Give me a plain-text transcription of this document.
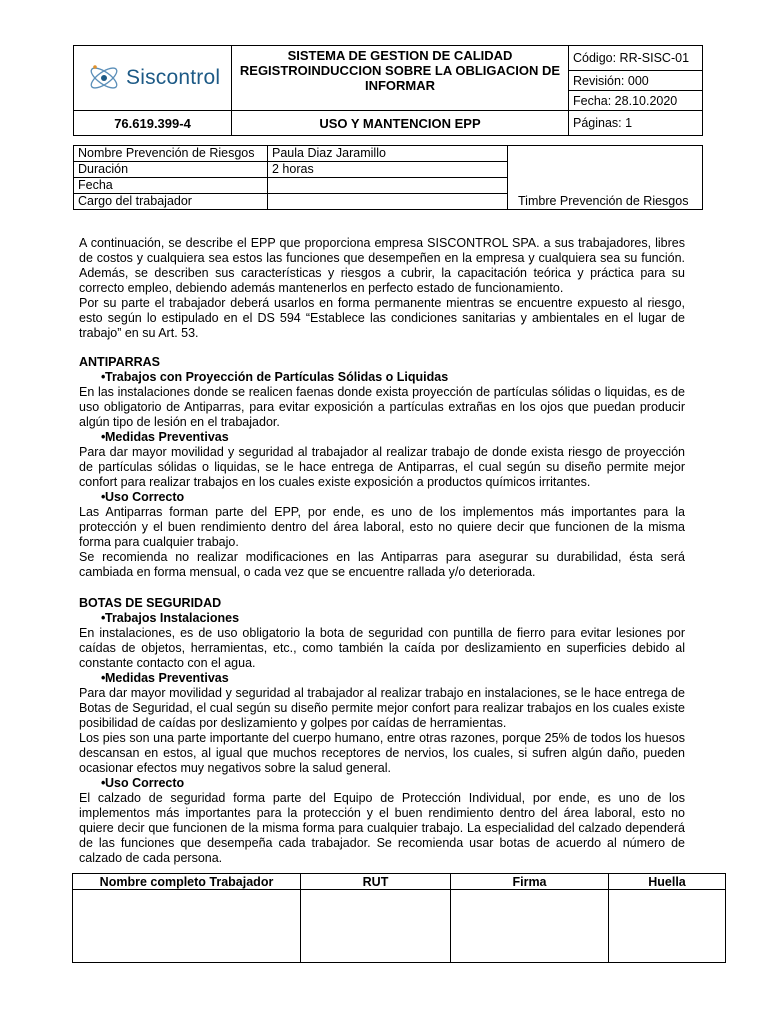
Siscontrol	SISTEMA DE GESTION DE CALIDAD REGISTROINDUCCION SOBRE LA OBLIGACION DE INFORMAR	Código: RR-SISC-01
		Revisión: 000
		Fecha: 28.10.2020
76.619.399-4	USO Y MANTENCION EPP	Páginas: 1
Nombre Prevención de Riesgos	Paula Diaz Jaramillo	Timbre Prevención de Riesgos
Duración	2 horas	
Fecha		
Cargo del trabajador		

A continuación, se describe el EPP que proporciona empresa SISCONTROL SPA. a sus trabajadores, libres de costos y cualquiera sea estos las funciones que desempeñen en la empresa y cualquiera sea su función. Además, se describen sus características y riesgos a cubrir, la capacitación teórica y práctica para su correcto empleo, debiendo además mantenerlos en perfecto estado de funcionamiento.

Por su parte el trabajador deberá usarlos en forma permanente mientras se encuentre expuesto al riesgo, esto según lo estipulado en el DS 594 “Establece las condiciones sanitarias y ambientales en el lugar de trabajo” en su Art. 53.

ANTIPARRAS
• Trabajos con Proyección de Partículas Sólidas o Liquidas

En las instalaciones donde se realicen faenas donde exista proyección de partículas sólidas o liquidas, es de uso obligatorio de Antiparras, para evitar exposición a partículas extrañas en los ojos que puedan producir algún tipo de lesión en el trabajador.

• Medidas Preventivas

Para dar mayor movilidad y seguridad al trabajador al realizar trabajo de donde exista riesgo de proyección de partículas sólidas o liquidas, se le hace entrega de Antiparras, el cual según su diseño permite mejor confort para realizar trabajos en los cuales existe exposición a productos químicos irritantes.

• Uso Correcto

Las Antiparras forman parte del EPP, por ende, es uno de los implementos más importantes para la protección y el buen rendimiento dentro del área laboral, esto no quiere decir que funcionen de la misma forma para cualquier trabajo.

Se recomienda no realizar modificaciones en las Antiparras para asegurar su durabilidad, ésta será cambiada en forma mensual, o cada vez que se encuentre rallada y/o deteriorada.

BOTAS DE SEGURIDAD
• Trabajos Instalaciones

En instalaciones, es de uso obligatorio la bota de seguridad con puntilla de fierro para evitar lesiones por caídas de objetos, herramientas, etc., como también la caída por deslizamiento en superficies debido al constante contacto con el agua.

• Medidas Preventivas

Para dar mayor movilidad y seguridad al trabajador al realizar trabajo en instalaciones, se le hace entrega de Botas de Seguridad, el cual según su diseño permite mejor confort para realizar trabajos en los cuales existe posibilidad de caídas por deslizamiento y golpes por caídas de herramientas.

Los pies son una parte importante del cuerpo humano, entre otras razones, porque 25% de todos los huesos descansan en estos, al igual que muchos receptores de nervios, los cuales, si sufren algún daño, pueden ocasionar efectos muy negativos sobre la salud general.

• Uso Correcto

El calzado de seguridad forma parte del Equipo de Protección Individual, por ende, es uno de los implementos más importantes para la protección y el buen rendimiento dentro del área laboral, esto no quiere decir que funcionen de la misma forma para cualquier trabajo. La especialidad del calzado dependerá de las funciones que desempeña cada trabajador. Se recomienda usar botas de acuerdo al número de calzado de cada persona.

Nombre completo Trabajador	RUT	Firma	Huella
